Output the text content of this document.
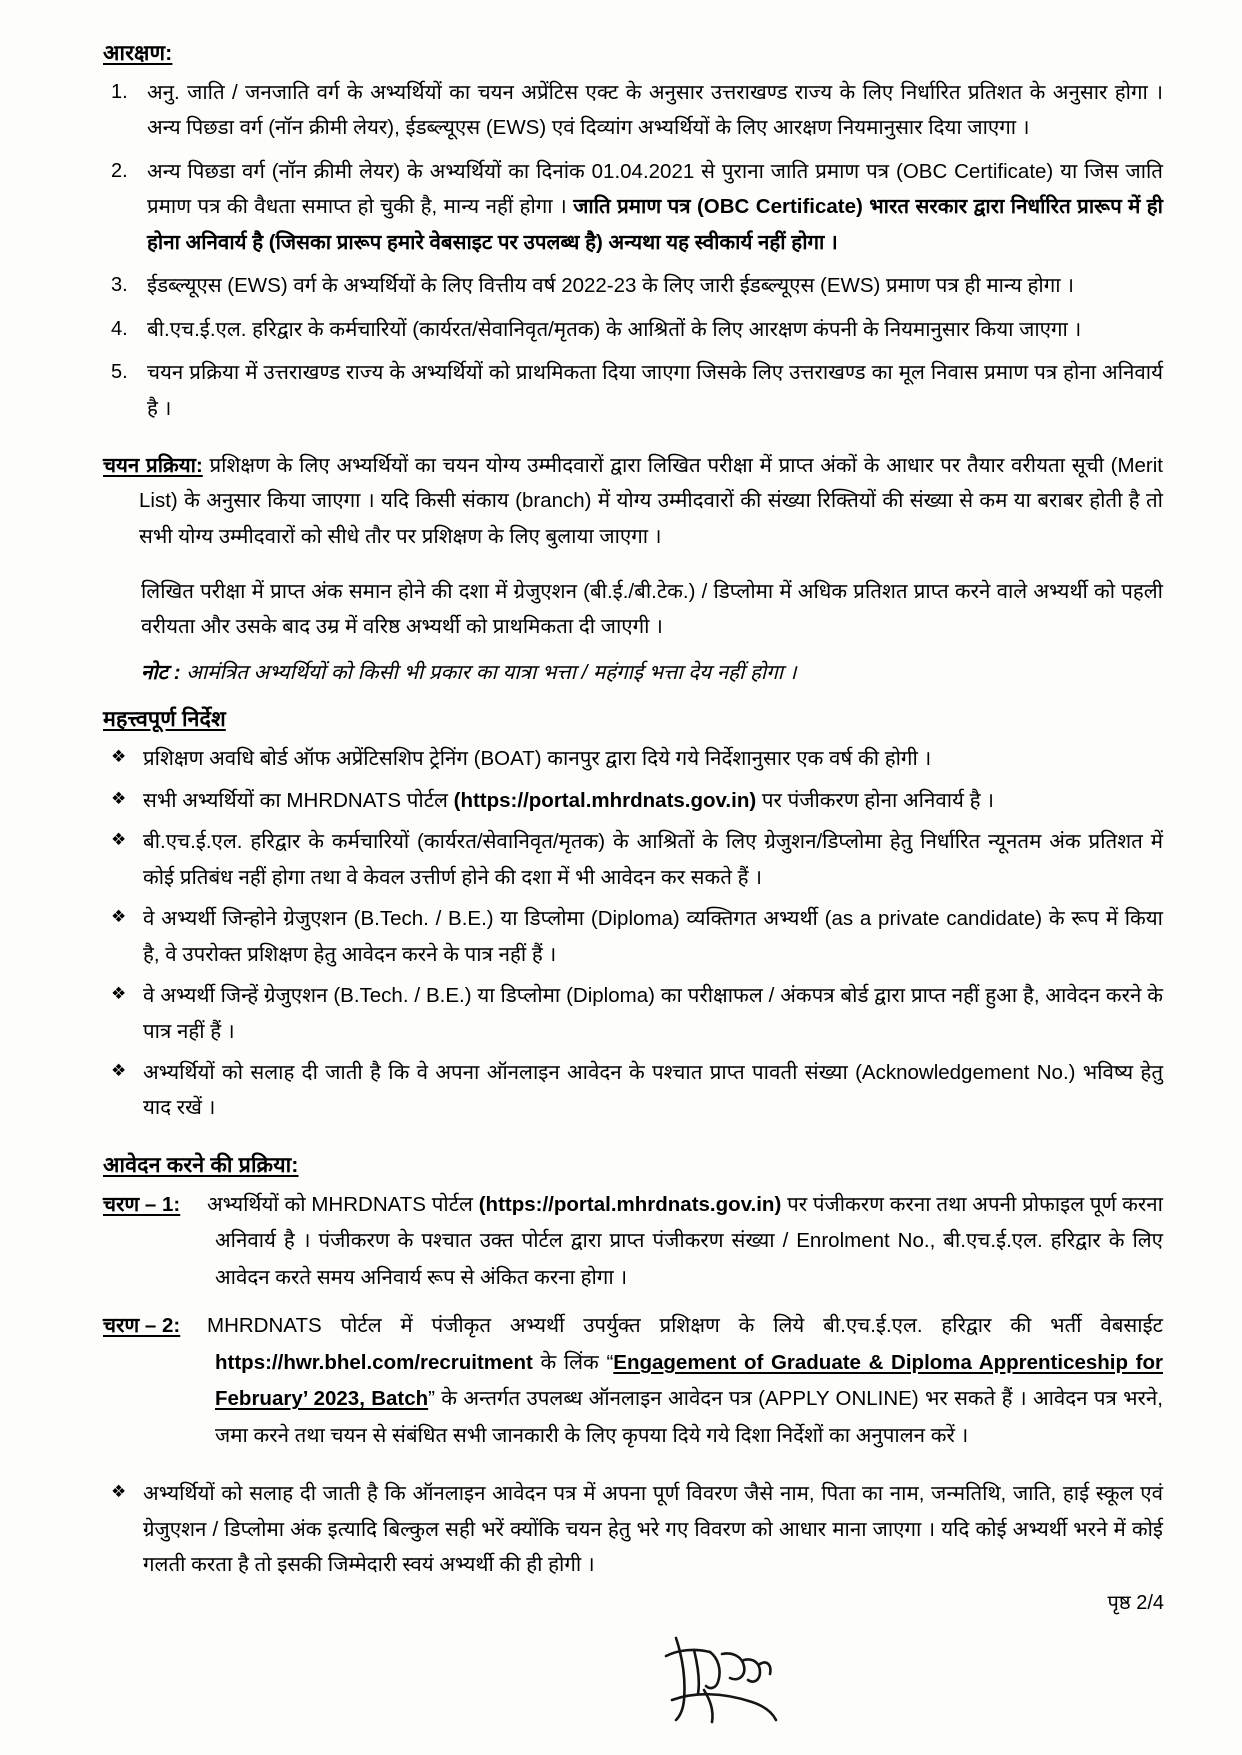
आरक्षण:
1. अनु. जाति / जनजाति वर्ग के अभ्यर्थियों का चयन अप्रेंटिस एक्ट के अनुसार उत्तराखण्ड राज्य के लिए निर्धारित प्रतिशत के अनुसार होगा । अन्य पिछडा वर्ग (नॉन क्रीमी लेयर), ईडब्ल्यूएस (EWS) एवं दिव्यांग अभ्यर्थियों के लिए आरक्षण नियमानुसार दिया जाएगा ।
2. अन्य पिछडा वर्ग (नॉन क्रीमी लेयर) के अभ्यर्थियों का दिनांक 01.04.2021 से पुराना जाति प्रमाण पत्र (OBC Certificate) या जिस जाति प्रमाण पत्र की वैधता समाप्त हो चुकी है, मान्य नहीं होगा । जाति प्रमाण पत्र (OBC Certificate) भारत सरकार द्वारा निर्धारित प्रारूप में ही होना अनिवार्य है (जिसका प्रारूप हमारे वेबसाइट पर उपलब्ध है) अन्यथा यह स्वीकार्य नहीं होगा ।
3. ईडब्ल्यूएस (EWS) वर्ग के अभ्यर्थियों के लिए वित्तीय वर्ष 2022-23 के लिए जारी ईडब्ल्यूएस (EWS) प्रमाण पत्र ही मान्य होगा ।
4. बी.एच.ई.एल. हरिद्वार के कर्मचारियों (कार्यरत/सेवानिवृत/मृतक) के आश्रितों के लिए आरक्षण कंपनी के नियमानुसार किया जाएगा ।
5. चयन प्रक्रिया में उत्तराखण्ड राज्य के अभ्यर्थियों को प्राथमिकता दिया जाएगा जिसके लिए उत्तराखण्ड का मूल निवास प्रमाण पत्र होना अनिवार्य है ।
चयन प्रक्रिया: प्रशिक्षण के लिए अभ्यर्थियों का चयन योग्य उम्मीदवारों द्वारा लिखित परीक्षा में प्राप्त अंकों के आधार पर तैयार वरीयता सूची (Merit List) के अनुसार किया जाएगा । यदि किसी संकाय (branch) में योग्य उम्मीदवारों की संख्या रिक्तियों की संख्या से कम या बराबर होती है तो सभी योग्य उम्मीदवारों को सीधे तौर पर प्रशिक्षण के लिए बुलाया जाएगा ।
लिखित परीक्षा में प्राप्त अंक समान होने की दशा में ग्रेजुएशन (बी.ई./बी.टेक.) / डिप्लोमा में अधिक प्रतिशत प्राप्त करने वाले अभ्यर्थी को पहली वरीयता और उसके बाद उम्र में वरिष्ठ अभ्यर्थी को प्राथमिकता दी जाएगी ।
नोट : आमंत्रित अभ्यर्थियों को किसी भी प्रकार का यात्रा भत्ता / महंगाई भत्ता देय नहीं होगा ।
महत्त्वपूर्ण निर्देश
❖ प्रशिक्षण अवधि बोर्ड ऑफ अप्रेंटिसशिप ट्रेनिंग (BOAT) कानपुर द्वारा दिये गये निर्देशानुसार एक वर्ष की होगी ।
❖ सभी अभ्यर्थियों का MHRDNATS पोर्टल (https://portal.mhrdnats.gov.in) पर पंजीकरण होना अनिवार्य है ।
❖ बी.एच.ई.एल. हरिद्वार के कर्मचारियों (कार्यरत/सेवानिवृत/मृतक) के आश्रितों के लिए ग्रेजुशन/डिप्लोमा हेतु निर्धारित न्यूनतम अंक प्रतिशत में कोई प्रतिबंध नहीं होगा तथा वे केवल उत्तीर्ण होने की दशा में भी आवेदन कर सकते हैं ।
❖ वे अभ्यर्थी जिन्होने ग्रेजुएशन (B.Tech. / B.E.) या डिप्लोमा (Diploma) व्यक्तिगत अभ्यर्थी (as a private candidate) के रूप में किया है, वे उपरोक्त प्रशिक्षण हेतु आवेदन करने के पात्र नहीं हैं ।
❖ वे अभ्यर्थी जिन्हें ग्रेजुएशन (B.Tech. / B.E.) या डिप्लोमा (Diploma) का परीक्षाफल / अंकपत्र बोर्ड द्वारा प्राप्त नहीं हुआ है, आवेदन करने के पात्र नहीं हैं ।
❖ अभ्यर्थियों को सलाह दी जाती है कि वे अपना ऑनलाइन आवेदन के पश्चात प्राप्त पावती संख्या (Acknowledgement No.) भविष्य हेतु याद रखें ।
आवेदन करने की प्रक्रिया:
चरण – 1: अभ्यर्थियों को MHRDNATS पोर्टल (https://portal.mhrdnats.gov.in) पर पंजीकरण करना तथा अपनी प्रोफाइल पूर्ण करना अनिवार्य है । पंजीकरण के पश्चात उक्त पोर्टल द्वारा प्राप्त पंजीकरण संख्या / Enrolment No., बी.एच.ई.एल. हरिद्वार के लिए आवेदन करते समय अनिवार्य रूप से अंकित करना होगा ।
चरण – 2: MHRDNATS पोर्टल में पंजीकृत अभ्यर्थी उपर्युक्त प्रशिक्षण के लिये बी.एच.ई.एल. हरिद्वार की भर्ती वेबसाईट https://hwr.bhel.com/recruitment के लिंक “Engagement of Graduate & Diploma Apprenticeship for February’ 2023, Batch” के अन्तर्गत उपलब्ध ऑनलाइन आवेदन पत्र (APPLY ONLINE) भर सकते हैं । आवेदन पत्र भरने, जमा करने तथा चयन से संबंधित सभी जानकारी के लिए कृपया दिये गये दिशा निर्देशों का अनुपालन करें ।
❖ अभ्यर्थियों को सलाह दी जाती है कि ऑनलाइन आवेदन पत्र में अपना पूर्ण विवरण जैसे नाम, पिता का नाम, जन्मतिथि, जाति, हाई स्कूल एवं ग्रेजुएशन / डिप्लोमा अंक इत्यादि बिल्कुल सही भरें क्योंकि चयन हेतु भरे गए विवरण को आधार माना जाएगा । यदि कोई अभ्यर्थी भरने में कोई गलती करता है तो इसकी जिम्मेदारी स्वयं अभ्यर्थी की ही होगी ।
पृष्ठ 2/4
